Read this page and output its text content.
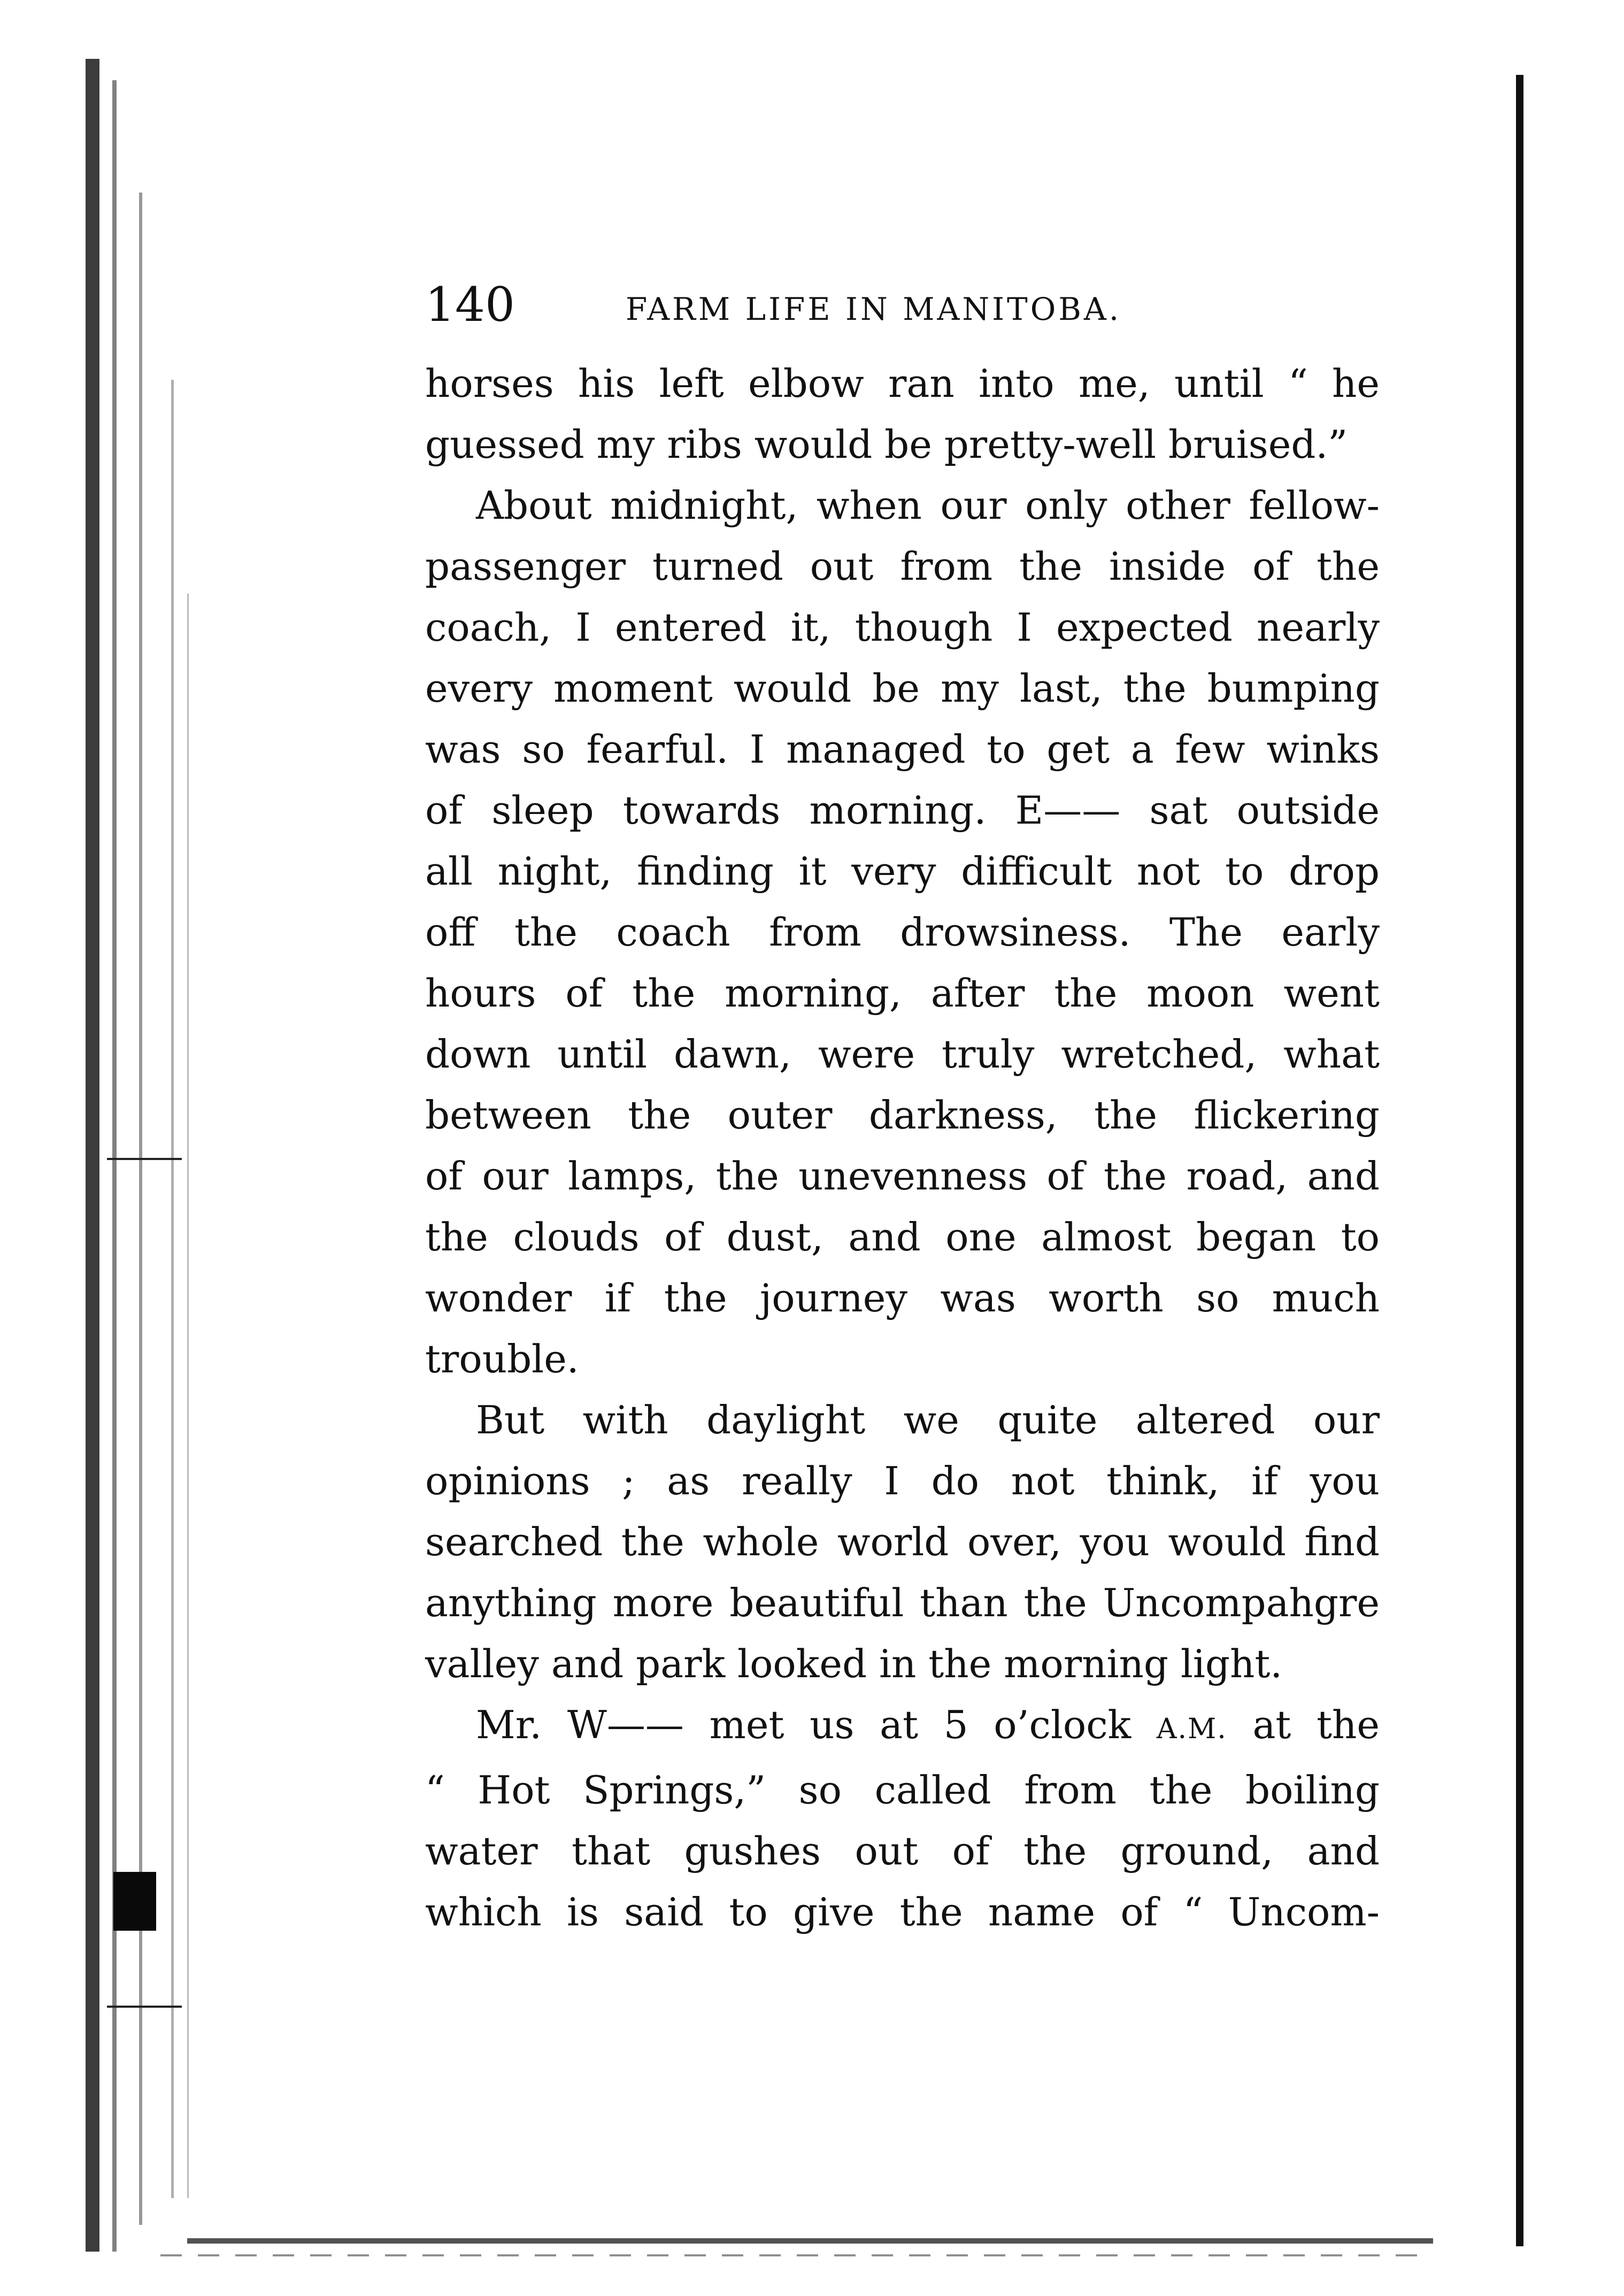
140	FARM LIFE IN MANITOBA.

horses his left elbow ran into me, until “ he

guessed my ribs would be pretty-well bruised.”

About midnight, when our only other fellow-

passenger turned out from the inside of the

coach, I entered it, though I expected nearly

every moment would be my last, the bumping

was so fearful. I managed to get a few winks

of sleep towards morning. E—— sat outside

all night, finding it very difficult not to drop

off the coach from drowsiness. The early

hours of the morning, after the moon went

down until dawn, were truly wretched, what

between the outer darkness, the flickering

of our lamps, the unevenness of the road, and

the clouds of dust, and one almost began to

wonder if the journey was worth so much

trouble.

But with daylight we quite altered our

opinions ; as really I do not think, if you

searched the whole world over, you would find

anything more beautiful than the Uncompahgre

valley and park looked in the morning light.

Mr. W—— met us at 5 o’clock A.M. at the

“ Hot Springs,” so called from the boiling

water that gushes out of the ground, and

which is said to give the name of “ Uncom-
